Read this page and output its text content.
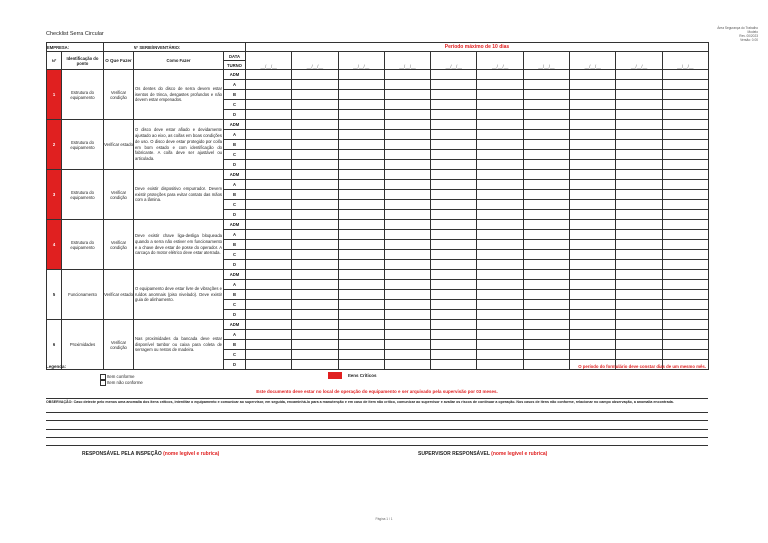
Checklist Serra Circular
Área Segurança do Trabalho
Modelo
Rev. 00/2023
Versão: 0.00
EMPRESA:			N° SERIE/INVENTÁRIO:		Período máximo de 10 dias									
Nº	Identificação do ponto	O Que Fazer	Como Fazer	DATA	__/__/__	__/__/__	__/__/__	__/__/__	__/__/__	__/__/__	__/__/__	__/__/__	__/__/__	__/__/__
				TURNO										
1	Estrutura do equipamento	Verificar condição	Os dentes do disco de serra devem estar isentos de trinca, desgastes profundos e não devem estar empenados.	ADM										
				A										
				B										
				C										
				D										
2	Estrutura do equipamento	Verificar estado	O disco deve estar afiado e devidamente ajustado ao eixo, as coifas em boas condições de uso. O disco deve estar protegido por coifa em bom estado e com identificação do fabricante. A coifa deve ser ajustável ou articulada.	ADM										
				A										
				B										
				C										
				D										
3	Estrutura do equipamento	Verificar condição	Deve existir dispositivo empurrador. Devem existir proteções para evitar contato das mãos com a lâmina.	ADM										
				A										
				B										
				C										
				D										
4	Estrutura do equipamento	Verificar condição	Deve existir chave liga-desliga bloqueada quando a serra não estiver em funcionamento e a chave deve estar de posse do operador. A carcaça do motor elétrico deve estar aterrada.	ADM										
				A										
				B										
				C										
				D										
5	Funcionamento	Verificar estado	O equipamento deve estar livre de vibrações e ruídos anormais (piso nivelado). Deve existir guia de alinhamento.	ADM										
				A										
				B										
				C										
				D										
6	Proximidades	Verificar condição	Nas proximidades da bancada deve estar disponível tambor ou caixa para coleta de serragem ou restos de madeira.	ADM										
				A										
				B										
				C										
				D										
Legenda:
Item conforme
Item não conforme
Itens Críticos
O período do formulário deve constar dias de um mesmo mês.
Este documento deve estar no local de operação do equipamento e ser arquivado pela supervisão por 03 meses.
OBSERVAÇÃO: Caso detecte pelo menos uma anomalia dos itens críticos, interditar o equipamento e comunicar ao supervisor, em seguida, encaminhá-lo para a manutenção e em caso de item não crítico, comunicar ao supervisor e avaliar os riscos de continuar a operação. Nos casos de itens não conforme, relacionar no campo observação, a anomalia encontrada.
RESPONSÁVEL PELA INSPEÇÃO (nome legível e rubrica)	SUPERVISOR RESPONSÁVEL (nome legível e rubrica)
Página 1 / 1
